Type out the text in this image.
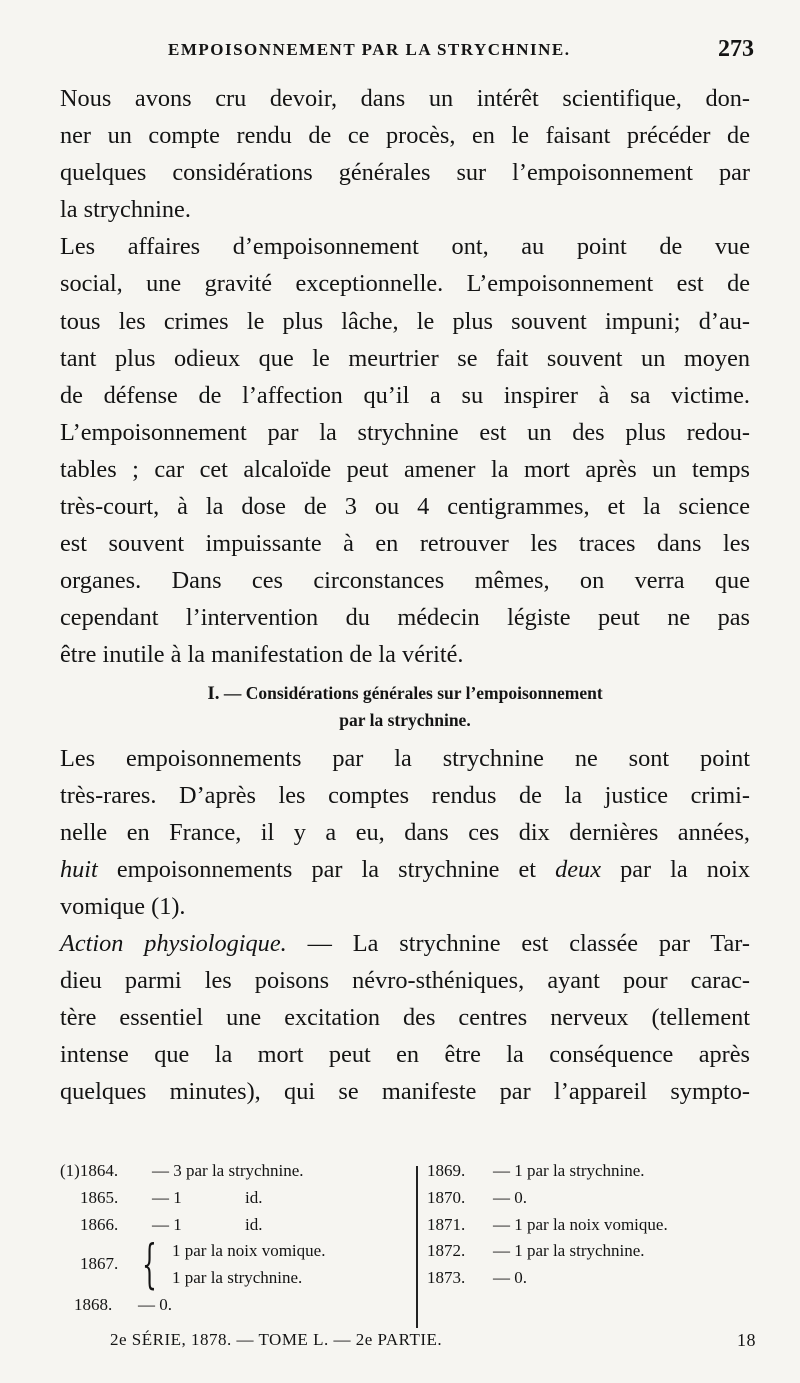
EMPOISONNEMENT PAR LA STRYCHNINE.	273

Nous avons cru devoir, dans un intérêt scientifique, don-
ner un compte rendu de ce procès, en le faisant précéder de
quelques considérations générales sur l’empoisonnement par
la strychnine.

Les affaires d’empoisonnement ont, au point de vue
social, une gravité exceptionnelle. L’empoisonnement est de
tous les crimes le plus lâche, le plus souvent impuni; d’au-
tant plus odieux que le meurtrier se fait souvent un moyen
de défense de l’affection qu’il a su inspirer à sa victime.
L’empoisonnement par la strychnine est un des plus redou-
tables ; car cet alcaloïde peut amener la mort après un temps
très-court, à la dose de 3 ou 4 centigrammes, et la science
est souvent impuissante à en retrouver les traces dans les
organes. Dans ces circonstances mêmes, on verra que
cependant l’intervention du médecin légiste peut ne pas
être inutile à la manifestation de la vérité.

I. — Considérations générales sur l’empoisonnement
par la strychnine.

Les empoisonnements par la strychnine ne sont point
très-rares. D’après les comptes rendus de la justice crimi-
nelle en France, il y a eu, dans ces dix dernières années,
huit empoisonnements par la strychnine et deux par la noix
vomique (1).

Action physiologique. — La strychnine est classée par Tar-
dieu parmi les poisons névro-sthéniques, ayant pour carac-
tère essentiel une excitation des centres nerveux (tellement
intense que la mort peut en être la conséquence après
quelques minutes), qui se manifeste par l’appareil sympto-

(1)1864. — 3 par la strychnine.
1865. — 1	id.
1866. — 1	id.
1867. { 1 par la noix vomique.
1 par la strychnine.
1868. — 0.
1869. — 1 par la strychnine.
1870. — 0.
1871. — 1 par la noix vomique.
1872. — 1 par la strychnine.
1873. — 0.
2e SÉRIE, 1878. — TOME L. — 2e PARTIE.	18
